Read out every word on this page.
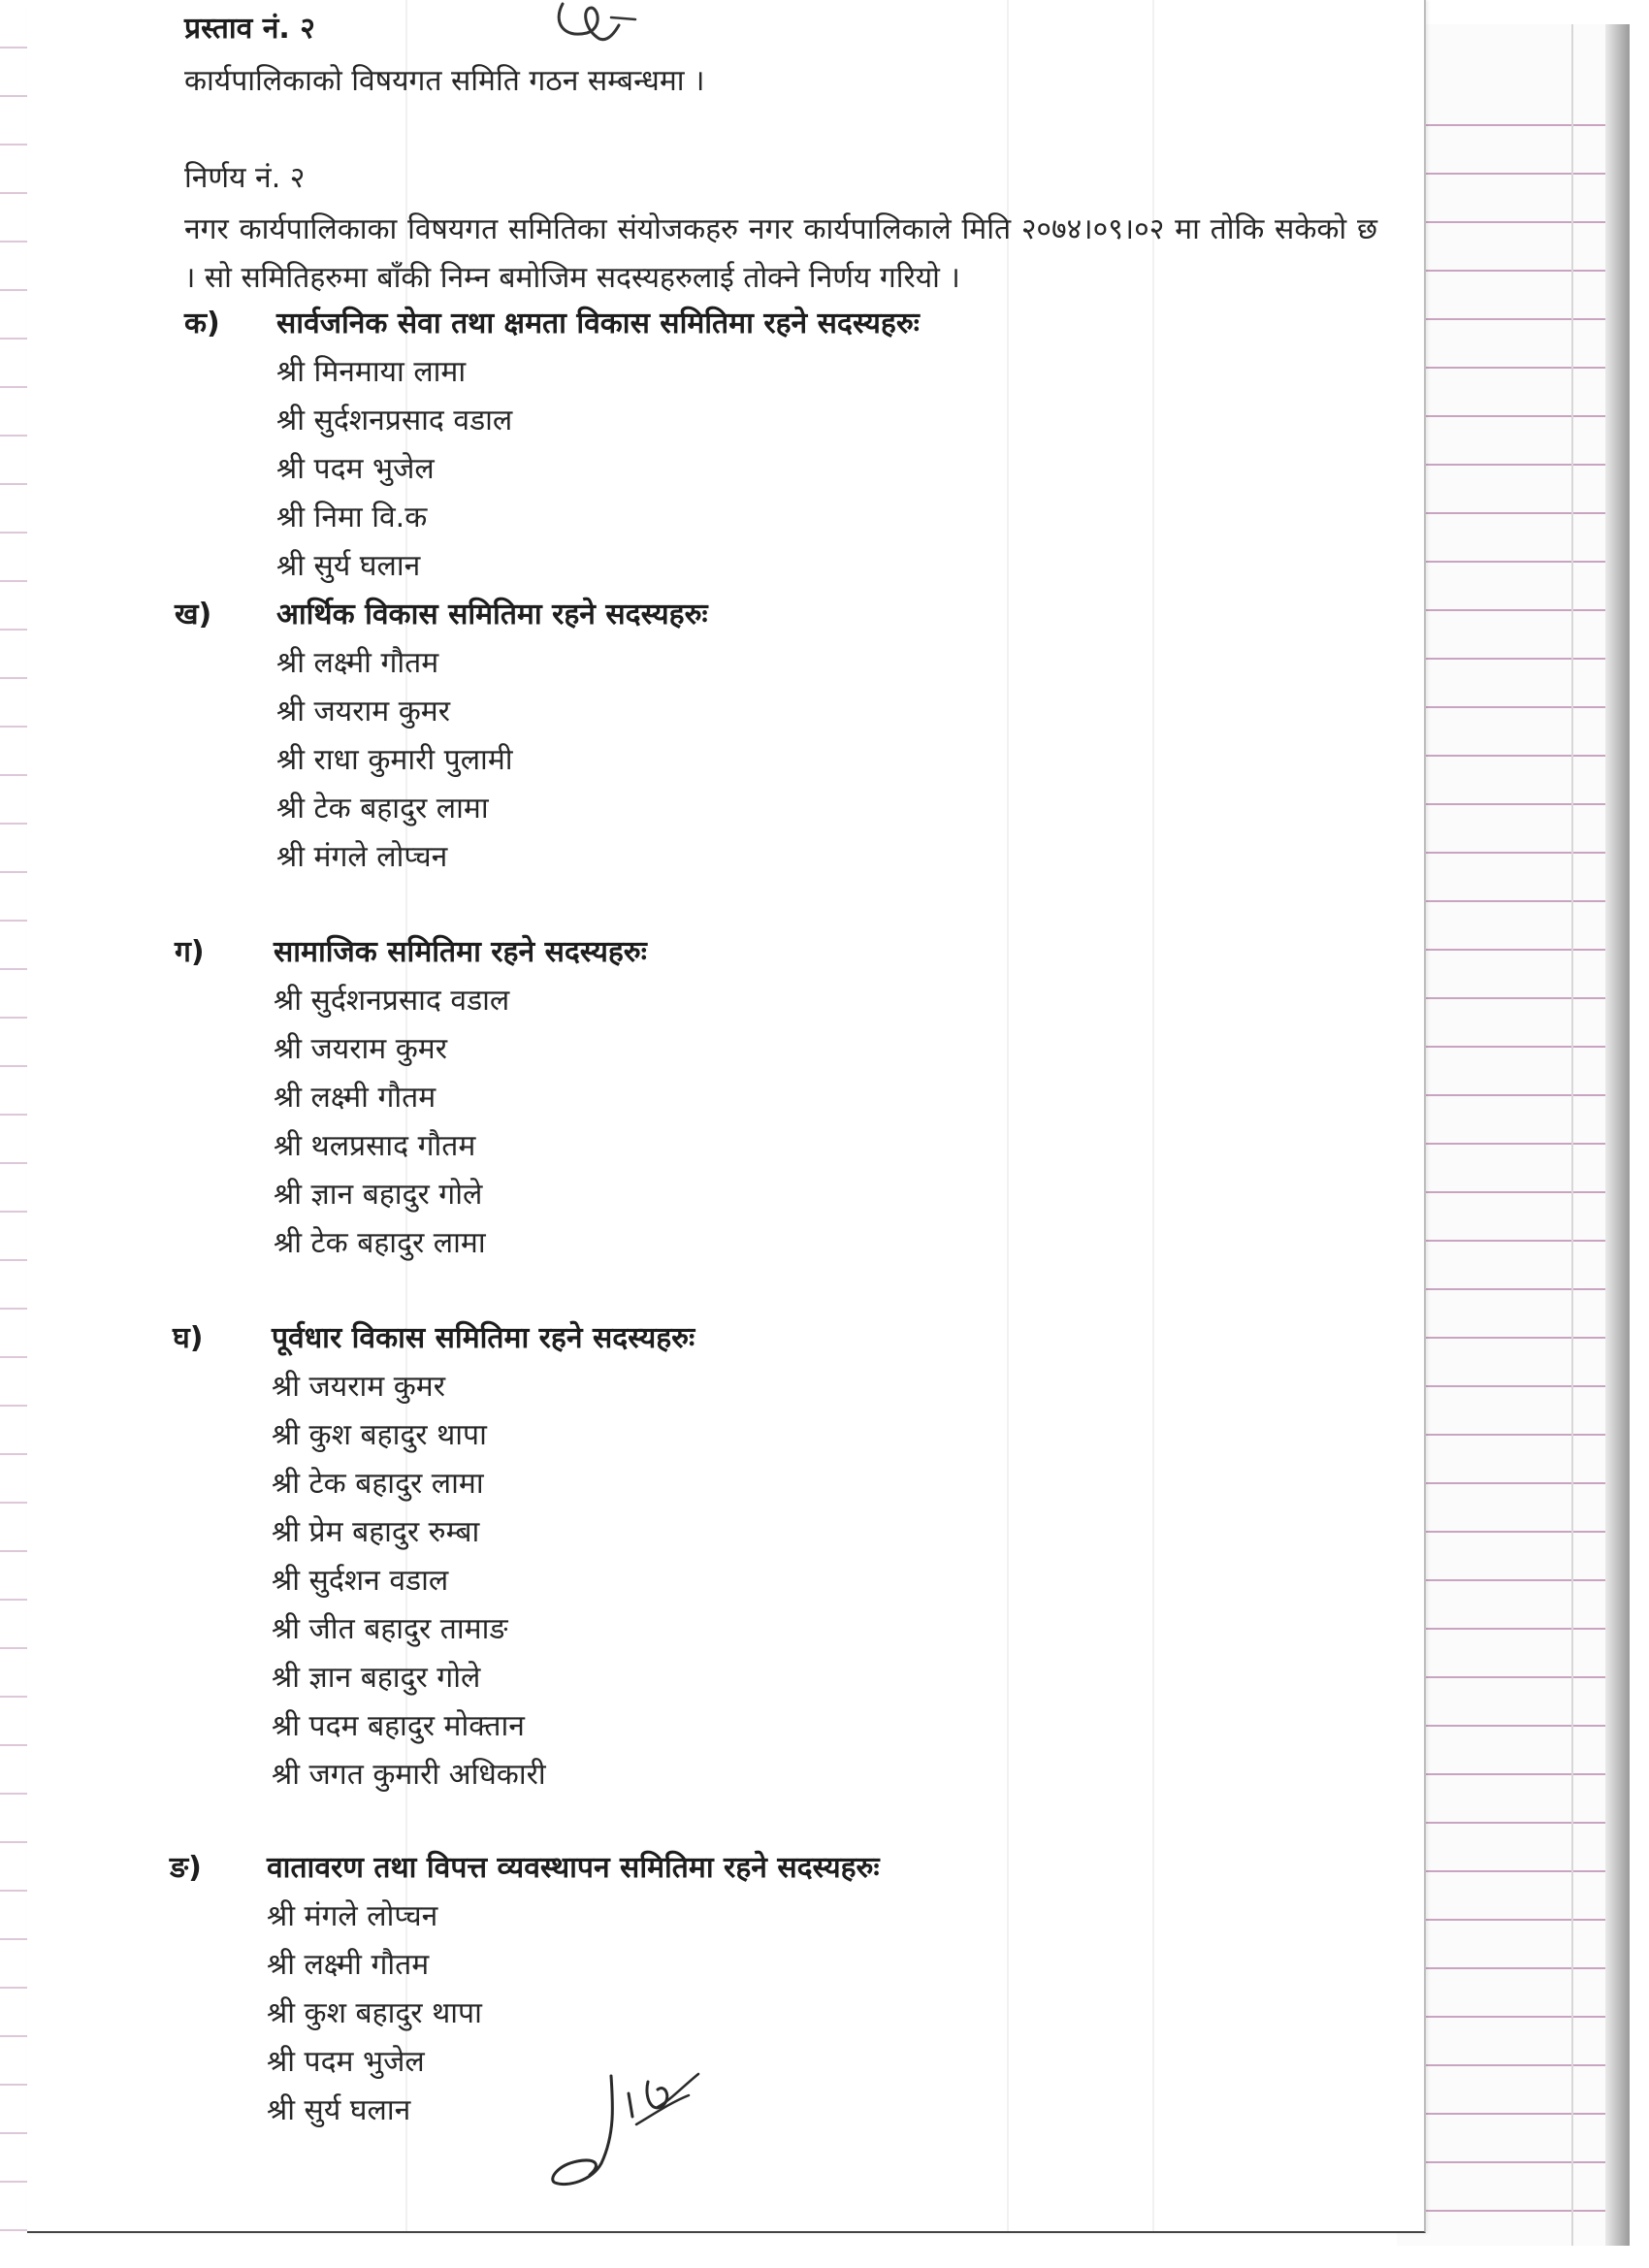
प्रस्ताव नं. २
कार्यपालिकाको विषयगत समिति गठन सम्बन्धमा ।
निर्णय नं. २
नगर कार्यपालिकाका विषयगत समितिका संयोजकहरु नगर कार्यपालिकाले मिति २०७४।०९।०२ मा तोकि सकेको छ । सो समितिहरुमा बाँकी निम्न बमोजिम सदस्यहरुलाई तोक्ने निर्णय गरियो ।
क) सार्वजनिक सेवा तथा क्षमता विकास समितिमा रहने सदस्यहरुः
श्री मिनमाया लामा
श्री सुर्दशनप्रसाद वडाल
श्री पदम भुजेल
श्री निमा वि.क
श्री सुर्य घलान
ख) आर्थिक विकास समितिमा रहने सदस्यहरुः
श्री लक्ष्मी गौतम
श्री जयराम कुमर
श्री राधा कुमारी पुलामी
श्री टेक बहादुर लामा
श्री मंगले लोप्चन
ग) सामाजिक समितिमा रहने सदस्यहरुः
श्री सुर्दशनप्रसाद वडाल
श्री जयराम कुमर
श्री लक्ष्मी गौतम
श्री थलप्रसाद गौतम
श्री ज्ञान बहादुर गोले
श्री टेक बहादुर लामा
घ) पूर्वधार विकास समितिमा रहने सदस्यहरुः
श्री जयराम कुमर
श्री कुश बहादुर थापा
श्री टेक बहादुर लामा
श्री प्रेम बहादुर रुम्बा
श्री सुर्दशन वडाल
श्री जीत बहादुर तामाङ
श्री ज्ञान बहादुर गोले
श्री पदम बहादुर मोक्तान
श्री जगत कुमारी अधिकारी
ङ) वातावरण तथा विपत्त व्यवस्थापन समितिमा रहने सदस्यहरुः
श्री मंगले लोप्चन
श्री लक्ष्मी गौतम
श्री कुश बहादुर थापा
श्री पदम भुजेल
श्री सुर्य घलान
